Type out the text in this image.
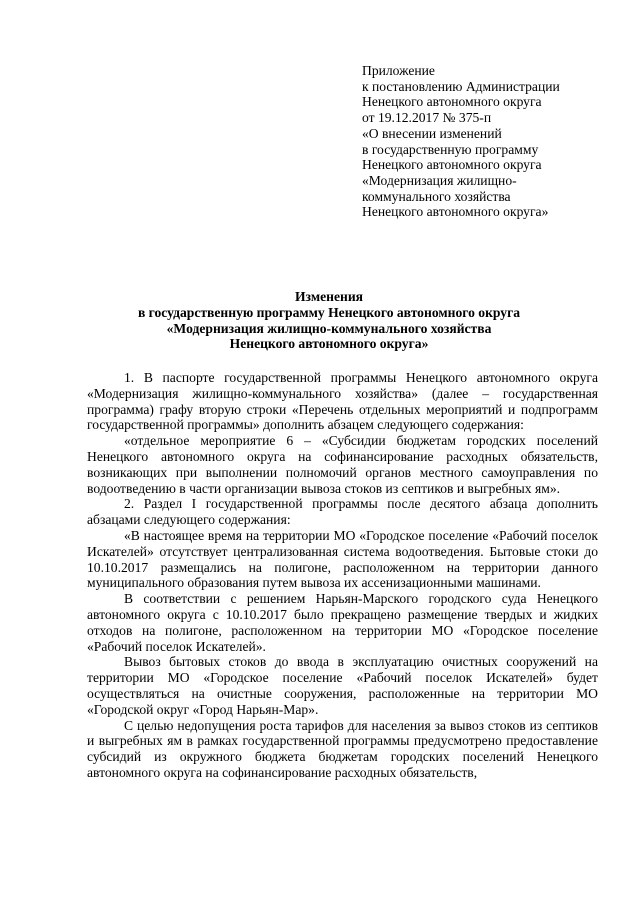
Приложение
к постановлению Администрации
Ненецкого автономного округа
от 19.12.2017 № 375-п
«О внесении изменений
в государственную программу
Ненецкого автономного округа
«Модернизация жилищно-
коммунального хозяйства
Ненецкого автономного округа»
Изменения
в государственную программу Ненецкого автономного округа
«Модернизация жилищно-коммунального хозяйства
Ненецкого автономного округа»

1. В паспорте государственной программы Ненецкого автономного округа «Модернизация жилищно-коммунального хозяйства» (далее – государственная программа) графу вторую строки «Перечень отдельных мероприятий и подпрограмм государственной программы» дополнить абзацем следующего содержания:

«отдельное мероприятие 6 – «Субсидии бюджетам городских поселений Ненецкого автономного округа на софинансирование расходных обязательств, возникающих при выполнении полномочий органов местного самоуправления по водоотведению в части организации вывоза стоков из септиков и выгребных ям».

2. Раздел I государственной программы после десятого абзаца дополнить абзацами следующего содержания:

«В настоящее время на территории МО «Городское поселение «Рабочий поселок Искателей» отсутствует централизованная система водоотведения. Бытовые стоки до 10.10.2017 размещались на полигоне, расположенном на территории данного муниципального образования путем вывоза их ассенизационными машинами.

В соответствии с решением Нарьян-Марского городского суда Ненецкого автономного округа с 10.10.2017 было прекращено размещение твердых и жидких отходов на полигоне, расположенном на территории МО «Городское поселение «Рабочий поселок Искателей».

Вывоз бытовых стоков до ввода в эксплуатацию очистных сооружений на территории МО «Городское поселение «Рабочий поселок Искателей» будет осуществляться на очистные сооружения, расположенные на территории МО «Городской округ «Город Нарьян-Мар».

С целью недопущения роста тарифов для населения за вывоз стоков из септиков и выгребных ям в рамках государственной программы предусмотрено предоставление субсидий из окружного бюджета бюджетам городских поселений Ненецкого автономного округа на софинансирование расходных обязательств,
